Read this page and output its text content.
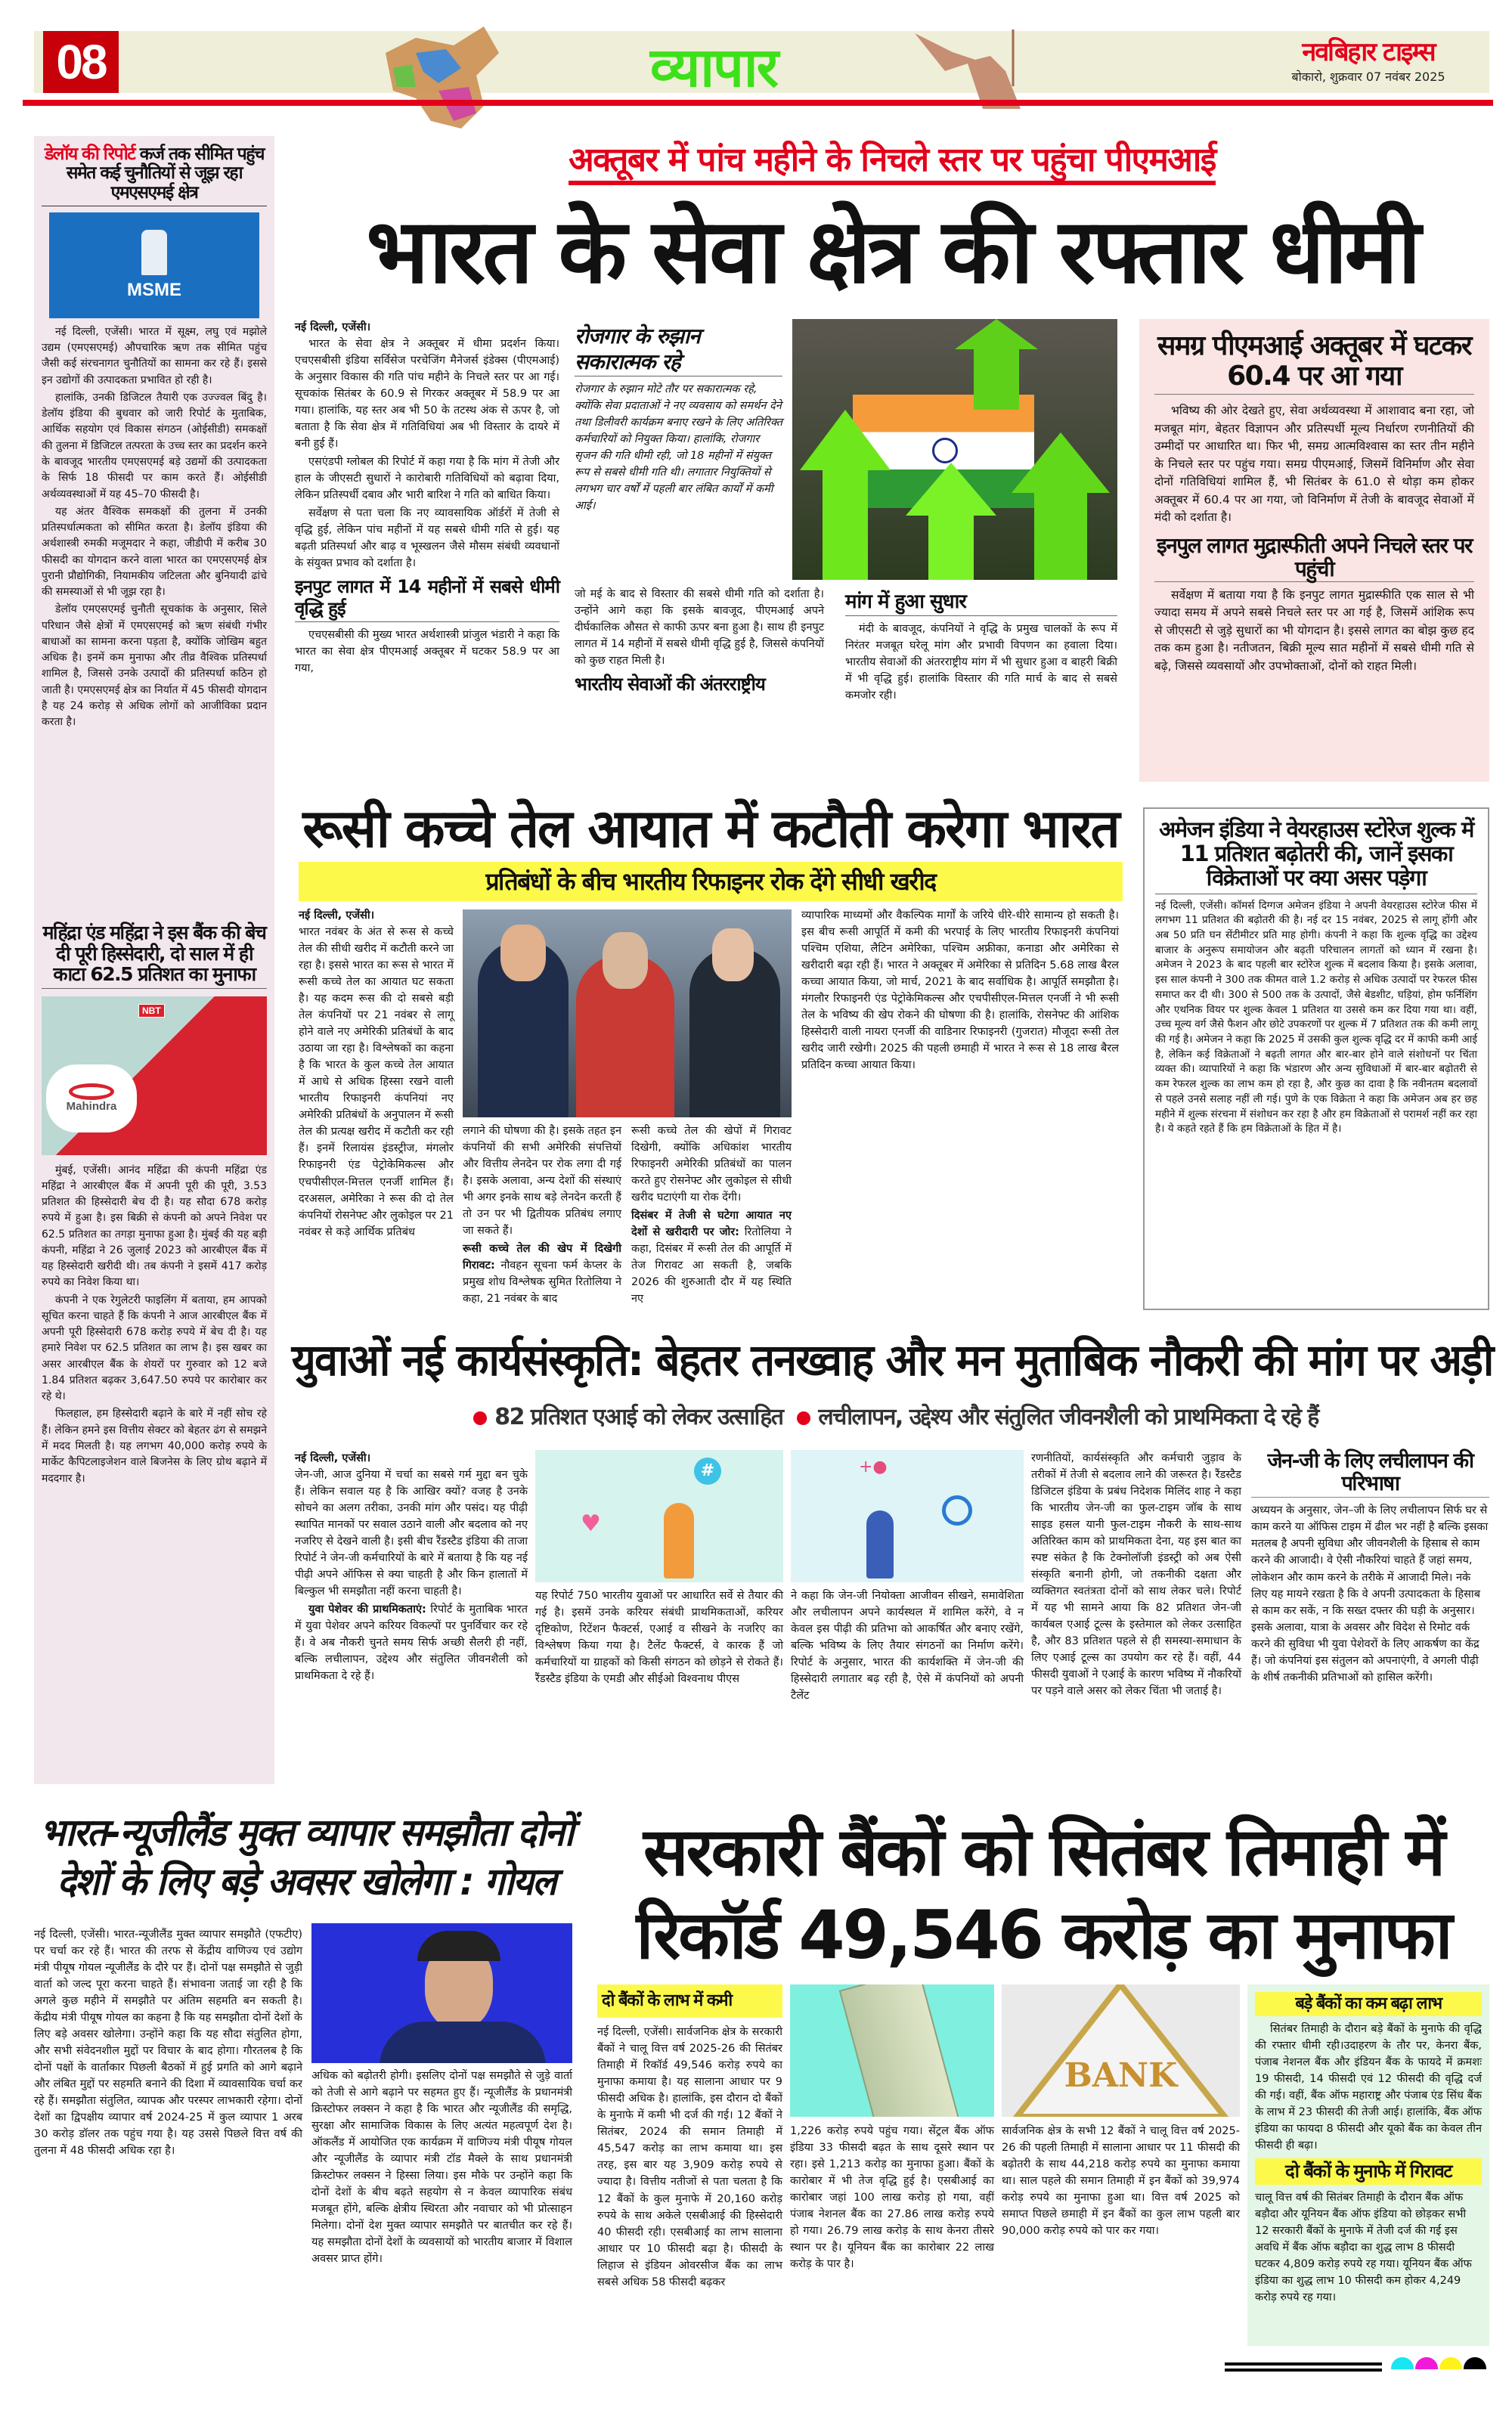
08	व्यापार	नवबिहार टाइम्स
बोकारो, शुक्रवार 07 नवंबर 2025
डेलॉय की रिपोर्ट कर्ज तक सीमित पहुंच समेत कई चुनौतियों से जूझ रहा एमएसएमई क्षेत्र
MSME

नई दिल्ली, एजेंसी। भारत में सूक्ष्म, लघु एवं मझोले उद्यम (एमएसएमई) औपचारिक ऋण तक सीमित पहुंच जैसी कई संरचनागत चुनौतियों का सामना कर रहे हैं। इससे इन उद्योगों की उत्पादकता प्रभावित हो रही है।

हालांकि, उनकी डिजिटल तैयारी एक उज्ज्वल बिंदु है। डेलॉय इंडिया की बुधवार को जारी रिपोर्ट के मुताबिक, आर्थिक सहयोग एवं विकास संगठन (ओईसीडी) समकक्षों की तुलना में डिजिटल तत्परता के उच्च स्तर का प्रदर्शन करने के बावजूद भारतीय एमएसएमई बड़े उद्यमों की उत्पादकता के सिर्फ 18 फीसदी पर काम करते हैं। ओईसीडी अर्थव्यवस्थाओं में यह 45–70 फीसदी है।

यह अंतर वैश्विक समकक्षों की तुलना में उनकी प्रतिस्पर्धात्मकता को सीमित करता है। डेलॉय इंडिया की अर्थशास्त्री रुमकी मजूमदार ने कहा, जीडीपी में करीब 30 फीसदी का योगदान करने वाला भारत का एमएसएमई क्षेत्र पुरानी प्रौद्योगिकी, नियामकीय जटिलता और बुनियादी ढांचे की समस्याओं से भी जूझ रहा है।

डेलॉय एमएसएमई चुनौती सूचकांक के अनुसार, सिले परिधान जैसे क्षेत्रों में एमएसएमई को ऋण संबंधी गंभीर बाधाओं का सामना करना पड़ता है, क्योंकि जोखिम बहुत अधिक है। इनमें कम मुनाफा और तीव्र वैश्विक प्रतिस्पर्धा शामिल है, जिससे उनके उत्पादों की प्रतिस्पर्धा कठिन हो जाती है। एमएसएमई क्षेत्र का निर्यात में 45 फीसदी योगदान है यह 24 करोड़ से अधिक लोगों को आजीविका प्रदान करता है।

महिंद्रा एंड महिंद्रा ने इस बैंक की बेच दी पूरी हिस्सेदारी, दो साल में ही काटा 62.5 प्रतिशत का मुनाफा
NBT
Mahindra

मुंबई, एजेंसी। आनंद महिंद्रा की कंपनी महिंद्रा एंड महिंद्रा ने आरबीएल बैंक में अपनी पूरी की पूरी, 3.53 प्रतिशत की हिस्सेदारी बेच दी है। यह सौदा 678 करोड़ रुपये में हुआ है। इस बिक्री से कंपनी को अपने निवेश पर 62.5 प्रतिशत का तगड़ा मुनाफा हुआ है। मुंबई की यह बड़ी कंपनी, महिंद्रा ने 26 जुलाई 2023 को आरबीएल बैंक में यह हिस्सेदारी खरीदी थी। तब कंपनी ने इसमें 417 करोड़ रुपये का निवेश किया था।

कंपनी ने एक रेगुलेटरी फाइलिंग में बताया, हम आपको सूचित करना चाहते हैं कि कंपनी ने आज आरबीएल बैंक में अपनी पूरी हिस्सेदारी 678 करोड़ रुपये में बेच दी है। यह हमारे निवेश पर 62.5 प्रतिशत का लाभ है। इस खबर का असर आरबीएल बैंक के शेयरों पर गुरुवार को 12 बजे 1.84 प्रतिशत बढ़कर 3,647.50 रुपये पर कारोबार कर रहे थे।

फिलहाल, हम हिस्सेदारी बढ़ाने के बारे में नहीं सोच रहे हैं। लेकिन हमने इस वित्तीय सेक्टर को बेहतर ढंग से समझने में मदद मिलती है। यह लगभग 40,000 करोड़ रुपये के मार्केट कैपिटलाइजेशन वाले बिजनेस के लिए ग्रोथ बढ़ाने में मददगार है।

अक्तूबर में पांच महीने के निचले स्तर पर पहुंचा पीएमआई
भारत के सेवा क्षेत्र की रफ्तार धीमी
नई दिल्ली, एजेंसी।

भारत के सेवा क्षेत्र ने अक्तूबर में धीमा प्रदर्शन किया। एचएसबीसी इंडिया सर्विसेज परचेजिंग मैनेजर्स इंडेक्स (पीएमआई) के अनुसार विकास की गति पांच महीने के निचले स्तर पर आ गई। सूचकांक सितंबर के 60.9 से गिरकर अक्तूबर में 58.9 पर आ गया। हालांकि, यह स्तर अब भी 50 के तटस्थ अंक से ऊपर है, जो बताता है कि सेवा क्षेत्र में गतिविधियां अब भी विस्तार के दायरे में बनी हुई हैं।

एसएंडपी ग्लोबल की रिपोर्ट में कहा गया है कि मांग में तेजी और हाल के जीएसटी सुधारों ने कारोबारी गतिविधियों को बढ़ावा दिया, लेकिन प्रतिस्पर्धी दबाव और भारी बारिश ने गति को बाधित किया।

सर्वेक्षण से पता चला कि नए व्यावसायिक ऑर्डरों में तेजी से वृद्धि हुई, लेकिन पांच महीनों में यह सबसे धीमी गति से हुई। यह बढ़ती प्रतिस्पर्धा और बाढ़ व भूस्खलन जैसे मौसम संबंधी व्यवधानों के संयुक्त प्रभाव को दर्शाता है।

इनपुट लागत में 14 महीनों में सबसे धीमी वृद्धि हुई

एचएसबीसी की मुख्य भारत अर्थशास्त्री प्रांजुल भंडारी ने कहा कि भारत का सेवा क्षेत्र पीएमआई अक्तूबर में घटकर 58.9 पर आ गया,

रोजगार के रुझान सकारात्मक रहे
रोजगार के रुझान मोटे तौर पर सकारात्मक रहे, क्योंकि सेवा प्रदाताओं ने नए व्यवसाय को समर्थन देने तथा डिलीवरी कार्यक्रम बनाए रखने के लिए अतिरिक्त कर्मचारियों को नियुक्त किया। हालांकि, रोजगार सृजन की गति धीमी रही, जो 18 महीनों में संयुक्त रूप से सबसे धीमी गति थी। लगातार नियुक्तियों से लगभग चार वर्षों में पहली बार लंबित कार्यों में कमी आई।

जो मई के बाद से विस्तार की सबसे धीमी गति को दर्शाता है। उन्होंने आगे कहा कि इसके बावजूद, पीएमआई अपने दीर्घकालिक औसत से काफी ऊपर बना हुआ है। साथ ही इनपुट लागत में 14 महीनों में सबसे धीमी वृद्धि हुई है, जिससे कंपनियों को कुछ राहत मिली है।

भारतीय सेवाओं की अंतरराष्ट्रीय
मांग में हुआ सुधार

मंदी के बावजूद, कंपनियों ने वृद्धि के प्रमुख चालकों के रूप में निरंतर मजबूत घरेलू मांग और प्रभावी विपणन का हवाला दिया। भारतीय सेवाओं की अंतरराष्ट्रीय मांग में भी सुधार हुआ व बाहरी बिक्री में भी वृद्धि हुई। हालांकि विस्तार की गति मार्च के बाद से सबसे कमजोर रही।

समग्र पीएमआई अक्तूबर में घटकर 60.4 पर आ गया

भविष्य की ओर देखते हुए, सेवा अर्थव्यवस्था में आशावाद बना रहा, जो मजबूत मांग, बेहतर विज्ञापन और प्रतिस्पर्धी मूल्य निर्धारण रणनीतियों की उम्मीदों पर आधारित था। फिर भी, समग्र आत्मविश्वास का स्तर तीन महीने के निचले स्तर पर पहुंच गया। समग्र पीएमआई, जिसमें विनिर्माण और सेवा दोनों गतिविधियां शामिल हैं, भी सितंबर के 61.0 से थोड़ा कम होकर अक्तूबर में 60.4 पर आ गया, जो विनिर्माण में तेजी के बावजूद सेवाओं में मंदी को दर्शाता है।

इनपुल लागत मुद्रास्फीती अपने निचले स्तर पर पहुंची

सर्वेक्षण में बताया गया है कि इनपुट लागत मुद्रास्फीति एक साल से भी ज्यादा समय में अपने सबसे निचले स्तर पर आ गई है, जिसमें आंशिक रूप से जीएसटी से जुड़े सुधारों का भी योगदान है। इससे लागत का बोझ कुछ हद तक कम हुआ है। नतीजतन, बिक्री मूल्य सात महीनों में सबसे धीमी गति से बढ़े, जिससे व्यवसायों और उपभोक्ताओं, दोनों को राहत मिली।

रूसी कच्चे तेल आयात में कटौती करेगा भारत
प्रतिबंधों के बीच भारतीय रिफाइनर रोक देंगे सीधी खरीद
नई दिल्ली, एजेंसी।

भारत नवंबर के अंत से रूस से कच्चे तेल की सीधी खरीद में कटौती करने जा रहा है। इससे भारत का रूस से भारत में रूसी कच्चे तेल का आयात घट सकता है। यह कदम रूस की दो सबसे बड़ी तेल कंपनियों पर 21 नवंबर से लागू होने वाले नए अमेरिकी प्रतिबंधों के बाद उठाया जा रहा है। विश्लेषकों का कहना है कि भारत के कुल कच्चे तेल आयात में आधे से अधिक हिस्सा रखने वाली भारतीय रिफाइनरी कंपनियां नए अमेरिकी प्रतिबंधों के अनुपालन में रूसी तेल की प्रत्यक्ष खरीद में कटौती कर रही हैं। इनमें रिलायंस इंडस्ट्रीज, मंगलोर रिफाइनरी एंड पेट्रोकेमिकल्स और एचपीसीएल-मित्तल एनर्जी शामिल हैं। दरअसल, अमेरिका ने रूस की दो तेल कंपनियों रोसनेफ्ट और लुकोइल पर 21 नवंबर से कड़े आर्थिक प्रतिबंध

लगाने की घोषणा की है। इसके तहत इन कंपनियों की सभी अमेरिकी संपत्तियों और वित्तीय लेनदेन पर रोक लगा दी गई है। इसके अलावा, अन्य देशों की संस्थाएं भी अगर इनके साथ बड़े लेनदेन करती हैं तो उन पर भी द्वितीयक प्रतिबंध लगाए जा सकते हैं।

रूसी कच्चे तेल की खेप में दिखेगी गिरावट: नौवहन सूचना फर्म केप्लर के प्रमुख शोध विश्लेषक सुमित रितोलिया ने कहा, 21 नवंबर के बाद

रूसी कच्चे तेल की खेपों में गिरावट दिखेगी, क्योंकि अधिकांश भारतीय रिफाइनरी अमेरिकी प्रतिबंधों का पालन करते हुए रोसनेफ्ट और लुकोइल से सीधी खरीद घटाएंगी या रोक देंगी।

दिसंबर में तेजी से घटेगा आयात नए देशों से खरीदारी पर जोर: रितोलिया ने कहा, दिसंबर में रूसी तेल की आपूर्ति में तेज गिरावट आ सकती है, जबकि 2026 की शुरुआती दौर में यह स्थिति नए

व्यापारिक माध्यमों और वैकल्पिक मार्गों के जरिये धीरे-धीरे सामान्य हो सकती है। इस बीच रूसी आपूर्ति में कमी की भरपाई के लिए भारतीय रिफाइनरी कंपनियां पश्चिम एशिया, लैटिन अमेरिका, पश्चिम अफ्रीका, कनाडा और अमेरिका से खरीदारी बढ़ा रही हैं। भारत ने अक्तूबर में अमेरिका से प्रतिदिन 5.68 लाख बैरल कच्चा आयात किया, जो मार्च, 2021 के बाद सर्वाधिक है। आपूर्ति समझौता है। मंगलौर रिफाइनरी एंड पेट्रोकेमिकल्स और एचपीसीएल-मित्तल एनर्जी ने भी रूसी तेल के भविष्य की खेप रोकने की घोषणा की है। हालांकि, रोसनेफ्ट की आंशिक हिस्सेदारी वाली नायरा एनर्जी की वाडिनार रिफाइनरी (गुजरात) मौजूदा रूसी तेल खरीद जारी रखेगी। 2025 की पहली छमाही में भारत ने रूस से 18 लाख बैरल प्रतिदिन कच्चा आयात किया।

अमेजन इंडिया ने वेयरहाउस स्टोरेज शुल्क में 11 प्रतिशत बढ़ोतरी की, जानें इसका विक्रेताओं पर क्या असर पड़ेगा

नई दिल्ली, एजेंसी। कॉमर्स दिग्गज अमेजन इंडिया ने अपनी वेयरहाउस स्टोरेज फीस में लगभग 11 प्रतिशत की बढ़ोतरी की है। नई दर 15 नवंबर, 2025 से लागू होंगी और अब 50 प्रति घन सेंटीमीटर प्रति माह होगी। कंपनी ने कहा कि शुल्क वृद्धि का उद्देश्य बाजार के अनुरूप समायोजन और बढ़ती परिचालन लागतों को ध्यान में रखना है। अमेजन ने 2023 के बाद पहली बार स्टोरेज शुल्क में बदलाव किया है। इसके अलावा, इस साल कंपनी ने 300 तक कीमत वाले 1.2 करोड़ से अधिक उत्पादों पर रेफरल फीस समाप्त कर दी थी। 300 से 500 तक के उत्पादों, जैसे बेडशीट, घड़ियां, होम फर्निशिंग और एथनिक वियर पर शुल्क केवल 1 प्रतिशत या उससे कम कर दिया गया था। वहीं, उच्च मूल्य वर्ग जैसे फैशन और छोटे उपकरणों पर शुल्क में 7 प्रतिशत तक की कमी लागू की गई है। अमेजन ने कहा कि 2025 में उसकी कुल शुल्क वृद्धि दर में काफी कमी आई है, लेकिन कई विक्रेताओं ने बढ़ती लागत और बार-बार होने वाले संशोधनों पर चिंता व्यक्त की। व्यापारियों ने कहा कि भंडारण और अन्य सुविधाओं में बार-बार बढ़ोतरी से कम रेफरल शुल्क का लाभ कम हो रहा है, और कुछ का दावा है कि नवीनतम बदलावों से पहले उनसे सलाह नहीं ली गई। पुणे के एक विक्रेता ने कहा कि अमेजन अब हर छह महीने में शुल्क संरचना में संशोधन कर रहा है और हम विक्रेताओं से परामर्श नहीं कर रहा है। ये कहते रहते हैं कि हम विक्रेताओं के हित में है।

युवाओं नई कार्यसंस्कृति: बेहतर तनख्वाह और मन मुताबिक नौकरी की मांग पर अड़ी
82 प्रतिशत एआई को लेकर उत्साहित लचीलापन, उद्देश्य और संतुलित जीवनशैली को प्राथमिकता दे रहे हैं
नई दिल्ली, एजेंसी।

जेन-जी, आज दुनिया में चर्चा का सबसे गर्म मुद्दा बन चुके हैं। लेकिन सवाल यह है कि आखिर क्यों? वजह है उनके सोचने का अलग तरीका, उनकी मांग और पसंद। यह पीढ़ी स्थापित मानकों पर सवाल उठाने वाली और बदलाव को नए नजरिए से देखने वाली है। इसी बीच रैंडस्टैड इंडिया की ताजा रिपोर्ट ने जेन-जी कर्मचारियों के बारे में बताया है कि यह नई पीढ़ी अपने ऑफिस से क्या चाहती है और किन हालातों में बिल्कुल भी समझौता नहीं करना चाहती है।

युवा पेशेवर की प्राथमिकताएं: रिपोर्ट के मुताबिक भारत में युवा पेशेवर अपने करियर विकल्पों पर पुनर्विचार कर रहे हैं। वे अब नौकरी चुनते समय सिर्फ अच्छी सैलरी ही नहीं, बल्कि लचीलापन, उद्देश्य और संतुलित जीवनशैली को प्राथमिकता दे रहे हैं।

#
♥

यह रिपोर्ट 750 भारतीय युवाओं पर आधारित सर्वे से तैयार की गई है। इसमें उनके करियर संबंधी प्राथमिकताओं, करियर दृष्टिकोण, रिटेंशन फैक्टर्स, एआई व सीखने के नजरिए का विश्लेषण किया गया है। टैलेंट फैक्टर्स, वे कारक हैं जो कर्मचारियों या ग्राहकों को किसी संगठन को छोड़ने से रोकते हैं। रैंडस्टैड इंडिया के एमडी और सीईओ विश्वनाथ पीएस

+●

ने कहा कि जेन-जी नियोक्ता आजीवन सीखने, समावेशिता और लचीलापन अपने कार्यस्थल में शामिल करेंगे, वे न केवल इस पीढ़ी की प्रतिभा को आकर्षित और बनाए रखेंगे, बल्कि भविष्य के लिए तैयार संगठनों का निर्माण करेंगे। रिपोर्ट के अनुसार, भारत की कार्यशक्ति में जेन-जी की हिस्सेदारी लगातार बढ़ रही है, ऐसे में कंपनियों को अपनी टैलेंट

रणनीतियों, कार्यसंस्कृति और कर्मचारी जुड़ाव के तरीकों में तेजी से बदलाव लाने की जरूरत है। रैंडस्टैड डिजिटल इंडिया के प्रबंध निदेशक मिलिंद शाह ने कहा कि भारतीय जेन-जी का फुल-टाइम जॉब के साथ साइड हसल यानी फुल-टाइम नौकरी के साथ-साथ अतिरिक्त काम को प्राथमिकता देना, यह इस बात का स्पष्ट संकेत है कि टेक्नोलॉजी इंडस्ट्री को अब ऐसी संस्कृति बनानी होगी, जो तकनीकी दक्षता और व्यक्तिगत स्वतंत्रता दोनों को साथ लेकर चले। रिपोर्ट में यह भी सामने आया कि 82 प्रतिशत जेन-जी कार्यबल एआई टूल्स के इस्तेमाल को लेकर उत्साहित है, और 83 प्रतिशत पहले से ही समस्या-समाधान के लिए एआई टूल्स का उपयोग कर रहे हैं। वहीं, 44 फीसदी युवाओं ने एआई के कारण भविष्य में नौकरियों पर पड़ने वाले असर को लेकर चिंता भी जताई है।

जेन-जी के लिए लचीलापन की परिभाषा

अध्ययन के अनुसार, जेन–जी के लिए लचीलापन सिर्फ घर से काम करने या ऑफिस टाइम में ढील भर नहीं है बल्कि इसका मतलब है अपनी सुविधा और जीवनशैली के हिसाब से काम करने की आजादी। वे ऐसी नौकरियां चाहते हैं जहां समय, लोकेशन और काम करने के तरीके में आजादी मिले। नके लिए यह मायने रखता है कि वे अपनी उत्पादकता के हिसाब से काम कर सकें, न कि सख्त दफ्तर की घड़ी के अनुसार। इसके अलावा, यात्रा के अवसर और विदेश से रिमोट वर्क करने की सुविधा भी युवा पेशेवरों के लिए आकर्षण का केंद्र हैं। जो कंपनियां इस संतुलन को अपनाएंगी, वे अगली पीढ़ी के शीर्ष तकनीकी प्रतिभाओं को हासिल करेंगी।

भारत-न्यूजीलैंड मुक्त व्यापार समझौता दोनों देशों के लिए बड़े अवसर खोलेगा : गोयल

नई दिल्ली, एजेंसी। भारत-न्यूजीलैंड मुक्त व्यापार समझौते (एफटीए) पर चर्चा कर रहे हैं। भारत की तरफ से केंद्रीय वाणिज्य एवं उद्योग मंत्री पीयूष गोयल न्यूजीलैंड के दौरे पर हैं। दोनों पक्ष समझौते से जुड़ी वार्ता को जल्द पूरा करना चाहते हैं। संभावना जताई जा रही है कि अगले कुछ महीने में समझौते पर अंतिम सहमति बन सकती है। केंद्रीय मंत्री पीयूष गोयल का कहना है कि यह समझौता दोनों देशों के लिए बड़े अवसर खोलेगा। उन्होंने कहा कि यह सौदा संतुलित होगा, और सभी संवेदनशील मुद्दों पर विचार के बाद होगा। गौरतलब है कि दोनों पक्षों के वार्ताकार पिछली बैठकों में हुई प्रगति को आगे बढ़ाने और लंबित मुद्दों पर सहमति बनाने की दिशा में व्यावसायिक चर्चा कर रहे हैं। समझौता संतुलित, व्यापक और परस्पर लाभकारी रहेगा। दोनों देशों का द्विपक्षीय व्यापार वर्ष 2024-25 में कुल व्यापार 1 अरब 30 करोड़ डॉलर तक पहुंच गया है। यह उससे पिछले वित्त वर्ष की तुलना में 48 फीसदी अधिक रहा है।

अधिक को बढ़ोतरी होगी। इसलिए दोनों पक्ष समझौते से जुड़े वार्ता को तेजी से आगे बढ़ाने पर सहमत हुए हैं। न्यूजीलैंड के प्रधानमंत्री क्रिस्टोफर लक्सन ने कहा है कि भारत और न्यूजीलैंड की समृद्धि, सुरक्षा और सामाजिक विकास के लिए अत्यंत महत्वपूर्ण देश है। ऑकलैंड में आयोजित एक कार्यक्रम में वाणिज्य मंत्री पीयूष गोयल और न्यूजीलैंड के व्यापार मंत्री टॉड मैक्ले के साथ प्रधानमंत्री क्रिस्टोफर लक्सन ने हिस्सा लिया। इस मौके पर उन्होंने कहा कि दोनों देशों के बीच बढ़ते सहयोग से न केवल व्यापारिक संबंध मजबूत होंगे, बल्कि क्षेत्रीय स्थिरता और नवाचार को भी प्रोत्साहन मिलेगा। दोनों देश मुक्त व्यापार समझौते पर बातचीत कर रहे हैं। यह समझौता दोनों देशों के व्यवसायों को भारतीय बाजार में विशाल अवसर प्राप्त होंगे।

सरकारी बैंकों को सितंबर तिमाही में रिकॉर्ड 49,546 करोड़ का मुनाफा
दो बैंकों के लाभ में कमी

नई दिल्ली, एजेंसी। सार्वजनिक क्षेत्र के सरकारी बैंकों ने चालू वित्त वर्ष 2025-26 की सितंबर तिमाही में रिकॉर्ड 49,546 करोड़ रुपये का मुनाफा कमाया है। यह सालाना आधार पर 9 फीसदी अधिक है। हालांकि, इस दौरान दो बैंकों के मुनाफे में कमी भी दर्ज की गई। 12 बैंकों ने सितंबर, 2024 की समान तिमाही में 45,547 करोड़ का लाभ कमाया था। इस तरह, इस बार यह 3,909 करोड़ रुपये से ज्यादा है। वित्तीय नतीजों से पता चलता है कि 12 बैंकों के कुल मुनाफे में 20,160 करोड़ रुपये के साथ अकेले एसबीआई की हिस्सेदारी 40 फीसदी रही। एसबीआई का लाभ सालाना आधार पर 10 फीसदी बढ़ा है। फीसदी के लिहाज से इंडियन ओवरसीज बैंक का लाभ सबसे अधिक 58 फीसदी बढ़कर

1,226 करोड़ रुपये पहुंच गया। सेंट्रल बैंक ऑफ इंडिया 33 फीसदी बढ़त के साथ दूसरे स्थान पर रहा। इसे 1,213 करोड़ का मुनाफा हुआ। बैंकों के कारोबार में भी तेज वृद्धि हुई है। एसबीआई का कारोबार जहां 100 लाख करोड़ हो गया, वहीं पंजाब नेशनल बैंक का 27.86 लाख करोड़ रुपये हो गया। 26.79 लाख करोड़ के साथ केनरा तीसरे स्थान पर है। यूनियन बैंक का कारोबार 22 लाख करोड़ के पार है।

BANK

सार्वजनिक क्षेत्र के सभी 12 बैंकों ने चालू वित्त वर्ष 2025-26 की पहली तिमाही में सालाना आधार पर 11 फीसदी की बढ़ोतरी के साथ 44,218 करोड़ रुपये का मुनाफा कमाया था। साल पहले की समान तिमाही में इन बैंकों को 39,974 करोड़ रुपये का मुनाफा हुआ था। वित्त वर्ष 2025 को समाप्त पिछले छमाही में इन बैंकों का कुल लाभ पहली बार 90,000 करोड़ रुपये को पार कर गया।

बड़े बैंकों का कम बढ़ा लाभ

सितंबर तिमाही के दौरान बड़े बैंकों के मुनाफे की वृद्धि की रफ्तार धीमी रही।उदाहरण के तौर पर, केनरा बैंक, पंजाब नेशनल बैंक और इंडियन बैंक के फायदे में क्रमशः 19 फीसदी, 14 फीसदी एवं 12 फीसदी की वृद्धि दर्ज की गई। वहीं, बैंक ऑफ महाराष्ट्र और पंजाब एंड सिंध बैंक के लाभ में 23 फीसदी की तेजी आई। हालांकि, बैंक ऑफ इंडिया का फायदा 8 फीसदी और यूको बैंक का केवल तीन फीसदी ही बढ़ा।

दो बैंकों के मुनाफे में गिरावट

चालू वित्त वर्ष की सितंबर तिमाही के दौरान बैंक ऑफ बड़ौदा और यूनियन बैंक ऑफ इंडिया को छोड़कर सभी 12 सरकारी बैंकों के मुनाफे में तेजी दर्ज की गई इस अवधि में बैंक ऑफ बड़ौदा का शुद्ध लाभ 8 फीसदी घटकर 4,809 करोड़ रुपये रह गया। यूनियन बैंक ऑफ इंडिया का शुद्ध लाभ 10 फीसदी कम होकर 4,249 करोड़ रुपये रह गया।
